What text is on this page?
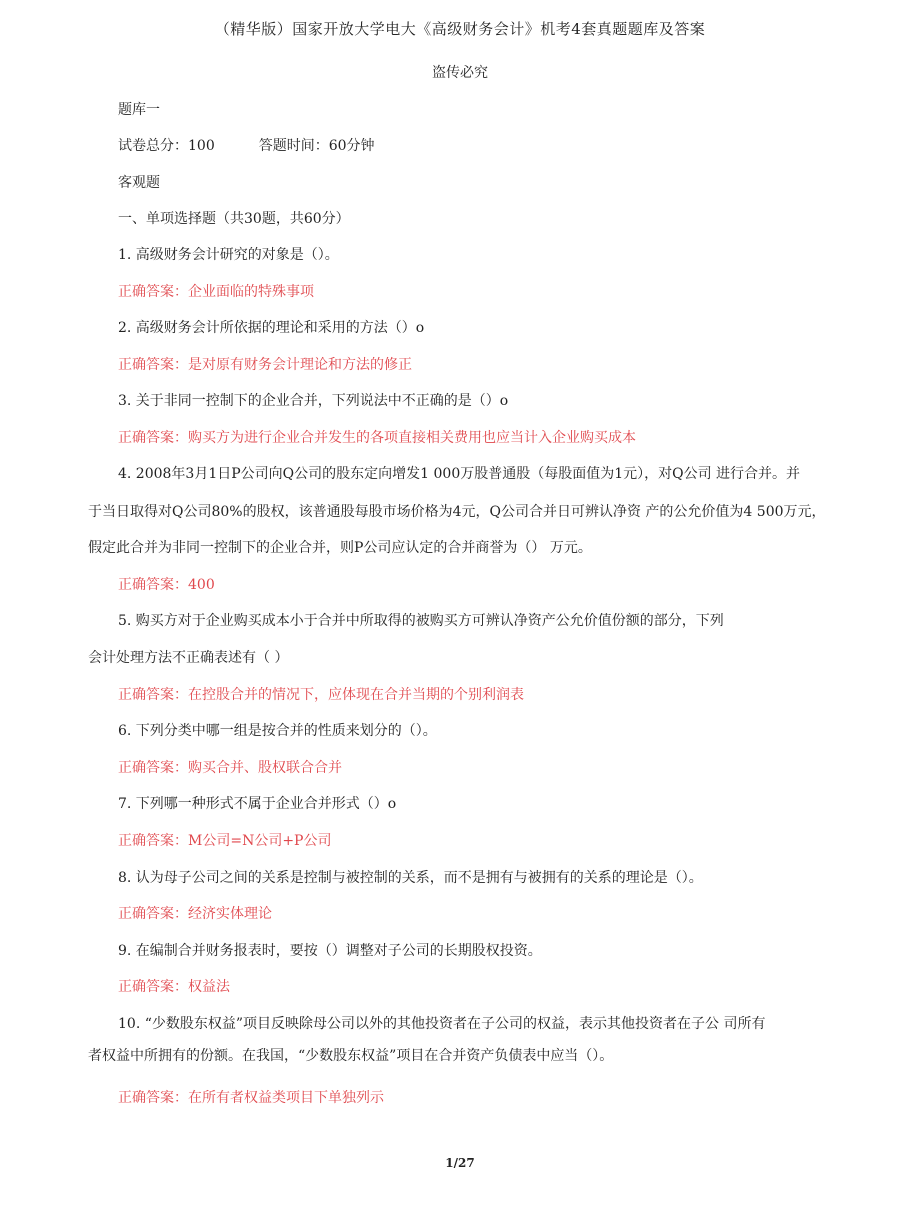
（精华版）国家开放大学电大《高级财务会计》机考4套真题题库及答案
盗传必究
题库一
试卷总分：100	答题时间：60分钟
客观题
一、单项选择题（共30题，共60分）
1. 高级财务会计研究的对象是（）。
正确答案：企业面临的特殊事项
2. 高级财务会计所依据的理论和采用的方法（）o
正确答案：是对原有财务会计理论和方法的修正
3. 关于非同一控制下的企业合并，下列说法中不正确的是（）o
正确答案：购买方为进行企业合并发生的各项直接相关费用也应当计入企业购买成本
4. 2008年3月1日P公司向Q公司的股东定向增发1 000万股普通股（每股面值为1元），对Q公司 进行合并。并
于当日取得对Q公司80%的股权，该普通股每股市场价格为4元，Q公司合并日可辨认净资 产的公允价值为4 500万元，
假定此合并为非同一控制下的企业合并，则P公司应认定的合并商誉为（） 万元。
正确答案：400
5. 购买方对于企业购买成本小于合并中所取得的被购买方可辨认净资产公允价值份额的部分，下列
会计处理方法不正确表述有（ ）
正确答案：在控股合并的情况下，应体现在合并当期的个别利润表
6. 下列分类中哪一组是按合并的性质来划分的（）。
正确答案：购买合并、股权联合合并
7. 下列哪一种形式不属于企业合并形式（）o
正确答案：M公司=N公司+P公司
8. 认为母子公司之间的关系是控制与被控制的关系，而不是拥有与被拥有的关系的理论是（）。
正确答案：经济实体理论
9. 在编制合并财务报表时，要按（）调整对子公司的长期股权投资。
正确答案：权益法
10. “少数股东权益”项目反映除母公司以外的其他投资者在子公司的权益，表示其他投资者在子公 司所有
者权益中所拥有的份额。在我国，“少数股东权益”项目在合并资产负债表中应当（）。
正确答案：在所有者权益类项目下单独列示
1/27
